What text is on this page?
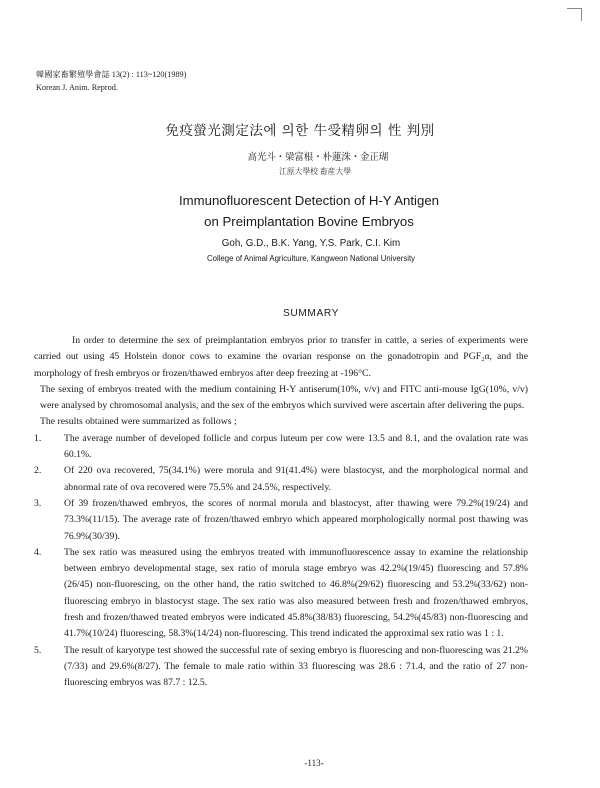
韓國家畜繁殖學會誌 13(2) : 113~120(1989)
Korean J. Anim. Reprod.
免疫螢光測定法에 의한 牛受精卵의 性 判別
高光斗・梁富根・朴蓮洙・金正瑚
江原大學校 畜産大學
Immunofluorescent Detection of H-Y Antigen
on Preimplantation Bovine Embryos
Goh, G.D., B.K. Yang, Y.S. Park, C.I. Kim
College of Animal Agriculture, Kangweon National University
SUMMARY

In order to determine the sex of preimplantation embryos prior to transfer in cattle, a series of experiments were carried out using 45 Holstein donor cows to examine the ovarian response on the gonadotropin and PGF₂α, and the morphology of fresh embryos or frozen/thawed embryos after deep freezing at -196°C.

The sexing of embryos treated with the medium containing H-Y antiserum(10%, v/v) and FITC anti-mouse IgG(10%, v/v) were analysed by chromosomal analysis, and the sex of the embryos which survived were ascertain after delivering the pups.

The results obtained were summarized as follows ;

1.	The average number of developed follicle and corpus luteum per cow were 13.5 and 8.1, and the ovalation rate was 60.1%.
2.	Of 220 ova recovered, 75(34.1%) were morula and 91(41.4%) were blastocyst, and the morphological normal and abnormal rate of ova recovered were 75.5% and 24.5%, respectively.
3.	Of 39 frozen/thawed embryos, the scores of normal morula and blastocyst, after thawing were 79.2%(19/24) and 73.3%(11/15). The average rate of frozen/thawed embryo which appeared morphologically normal post thawing was 76.9%(30/39).
4.	The sex ratio was measured using the embryos treated with immunofluorescence assay to examine the relationship between embryo developmental stage, sex ratio of morula stage embryo was 42.2%(19/45) fluorescing and 57.8%(26/45) non-fluorescing, on the other hand, the ratio switched to 46.8%(29/62) fluorescing and 53.2%(33/62) non-fluorescing embryo in blastocyst stage. The sex ratio was also measured between fresh and frozen/thawed embryos, fresh and frozen/thawed treated embryos were indicated 45.8%(38/83) fluorescing, 54.2%(45/83) non-fluorescing and 41.7%(10/24) fluorescing, 58.3%(14/24) non-fluorescing. This trend indicated the approximal sex ratio was 1 : 1.
5.	The result of karyotype test showed the successful rate of sexing embryo is fluorescing and non-fluorescing was 21.2%(7/33) and 29.6%(8/27). The female to male ratio within 33 fluorescing was 28.6 : 71.4, and the ratio of 27 non-fluorescing embryos was 87.7 : 12.5.
-113-
